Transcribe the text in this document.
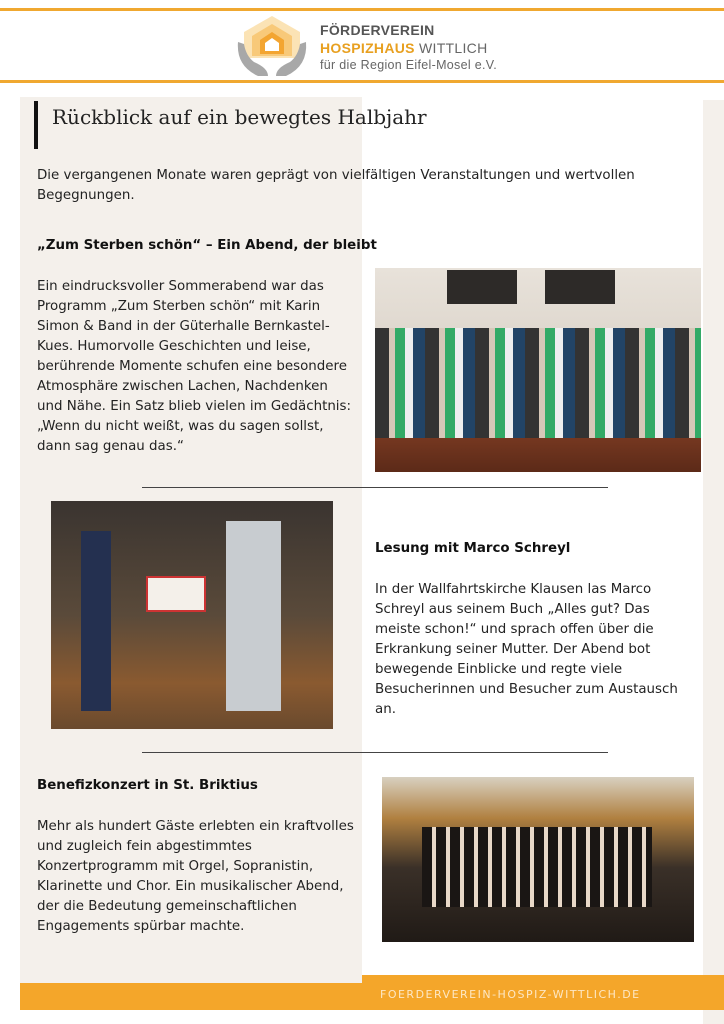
FÖRDERVEREIN
HOSPIZHAUS WITTLICH
für die Region Eifel-Mosel e.V.
Rückblick auf ein bewegtes Halbjahr
Die vergangenen Monate waren geprägt von vielfältigen Veranstaltungen und wertvollen Begegnungen.
„Zum Sterben schön“ – Ein Abend, der bleibt
Ein eindrucksvoller Sommerabend war das Programm „Zum Sterben schön“ mit Karin Simon & Band in der Güterhalle Bernkastel-Kues. Humorvolle Geschichten und leise, berührende Momente schufen eine besondere Atmosphäre zwischen Lachen, Nachdenken und Nähe. Ein Satz blieb vielen im Gedächtnis: „Wenn du nicht weißt, was du sagen sollst, dann sag genau das.“
Lesung mit Marco Schreyl
In der Wallfahrtskirche Klausen las Marco Schreyl aus seinem Buch „Alles gut? Das meiste schon!“ und sprach offen über die Erkrankung seiner Mutter. Der Abend bot bewegende Einblicke und regte viele Besucherinnen und Besucher zum Austausch an.
Benefizkonzert in St. Briktius
Mehr als hundert Gäste erlebten ein kraftvolles und zugleich fein abgestimmtes Konzertprogramm mit Orgel, Sopranistin, Klarinette und Chor. Ein musikalischer Abend, der die Bedeutung gemeinschaftlichen Engagements spürbar machte.
FOERDERVEREIN-HOSPIZ-WITTLICH.DE
